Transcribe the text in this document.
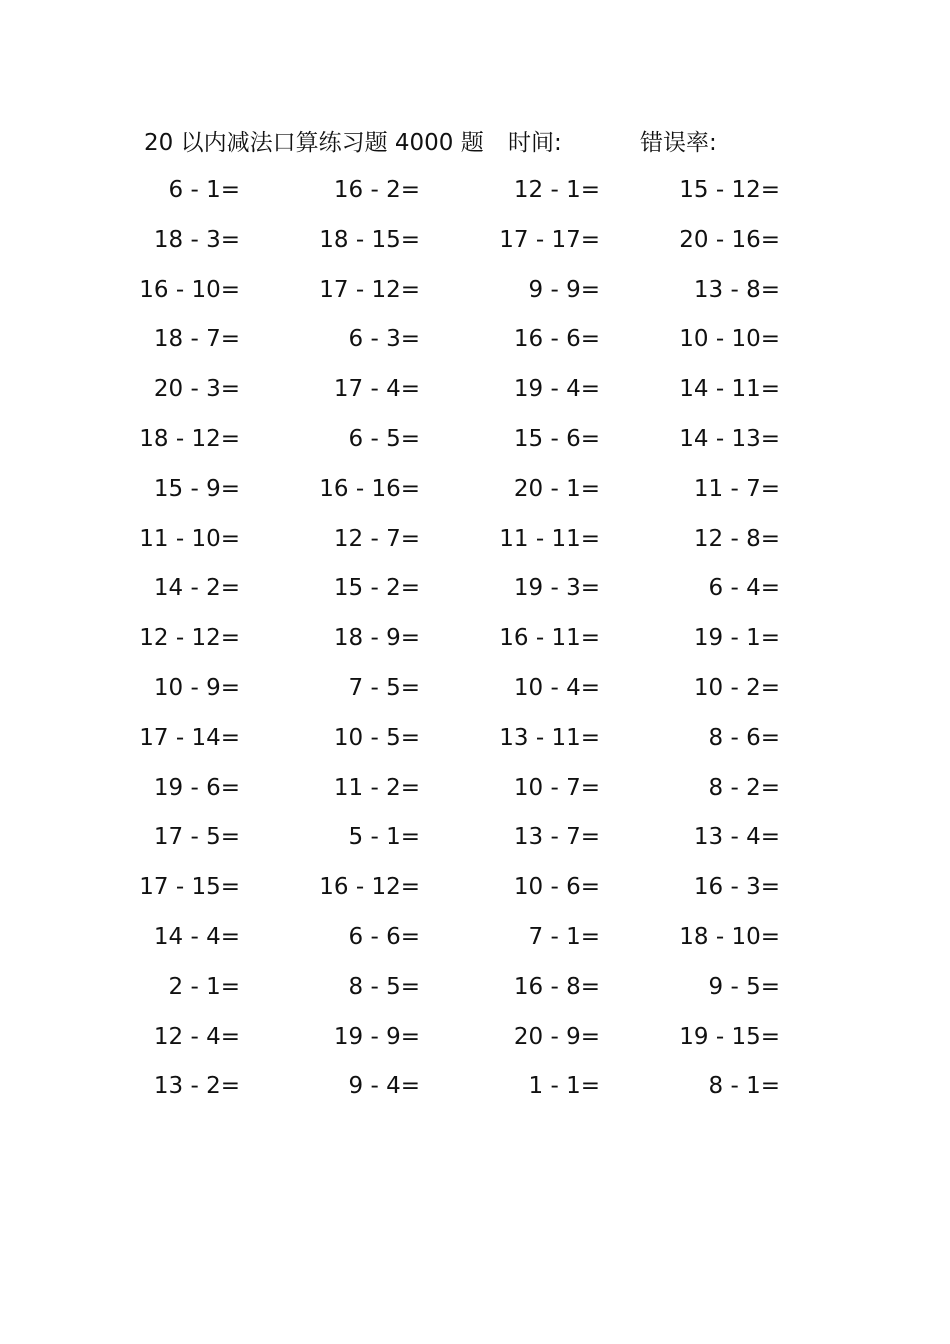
20 以内减法口算练习题 4000 题 时间:	错误率:
6 - 1=	16 - 2=	12 - 1=	15 - 12=
18 - 3=	18 - 15=	17 - 17=	20 - 16=
16 - 10=	17 - 12=	9 - 9=	13 - 8=
18 - 7=	6 - 3=	16 - 6=	10 - 10=
20 - 3=	17 - 4=	19 - 4=	14 - 11=
18 - 12=	6 - 5=	15 - 6=	14 - 13=
15 - 9=	16 - 16=	20 - 1=	11 - 7=
11 - 10=	12 - 7=	11 - 11=	12 - 8=
14 - 2=	15 - 2=	19 - 3=	6 - 4=
12 - 12=	18 - 9=	16 - 11=	19 - 1=
10 - 9=	7 - 5=	10 - 4=	10 - 2=
17 - 14=	10 - 5=	13 - 11=	8 - 6=
19 - 6=	11 - 2=	10 - 7=	8 - 2=
17 - 5=	5 - 1=	13 - 7=	13 - 4=
17 - 15=	16 - 12=	10 - 6=	16 - 3=
14 - 4=	6 - 6=	7 - 1=	18 - 10=
2 - 1=	8 - 5=	16 - 8=	9 - 5=
12 - 4=	19 - 9=	20 - 9=	19 - 15=
13 - 2=	9 - 4=	1 - 1=	8 - 1=
